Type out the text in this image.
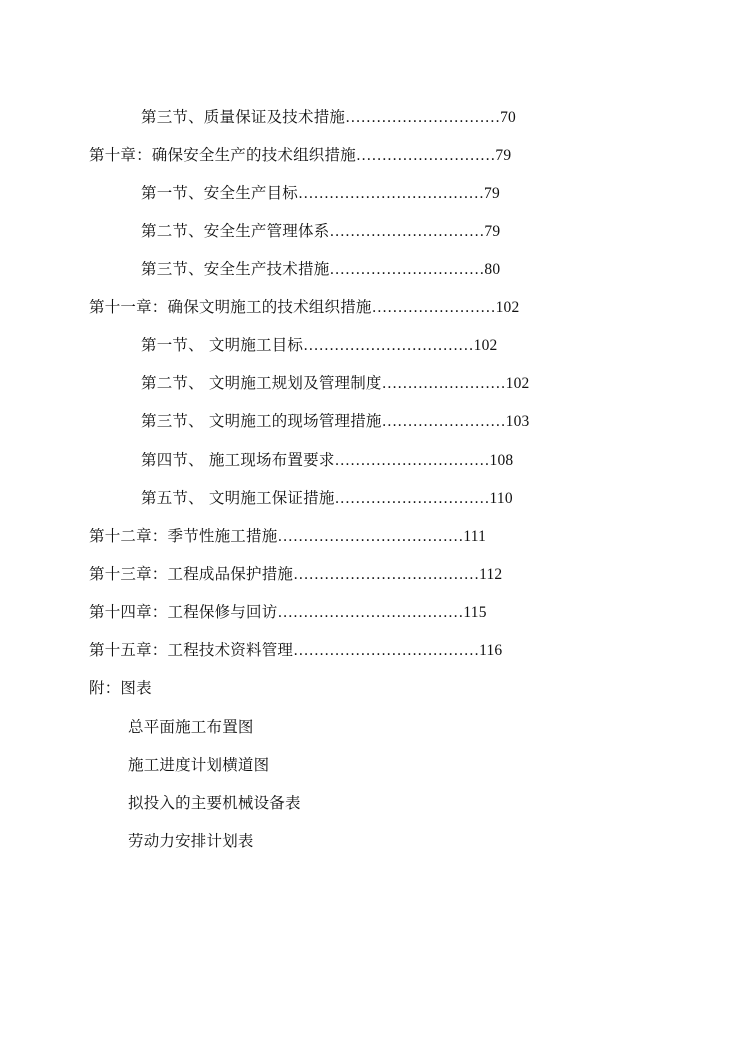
第三节、质量保证及技术措施…………………………70
第十章：确保安全生产的技术组织措施………………………79
第一节、安全生产目标………………………………79
第二节、安全生产管理体系…………………………79
第三节、安全生产技术措施…………………………80
第十一章：确保文明施工的技术组织措施……………………102
第一节、 文明施工目标……………………………102
第二节、 文明施工规划及管理制度……………………102
第三节、 文明施工的现场管理措施……………………103
第四节、 施工现场布置要求…………………………108
第五节、 文明施工保证措施…………………………110
第十二章：季节性施工措施………………………………111
第十三章：工程成品保护措施………………………………112
第十四章：工程保修与回访………………………………115
第十五章：工程技术资料管理………………………………116
附：图表
总平面施工布置图
施工进度计划横道图
拟投入的主要机械设备表
劳动力安排计划表
